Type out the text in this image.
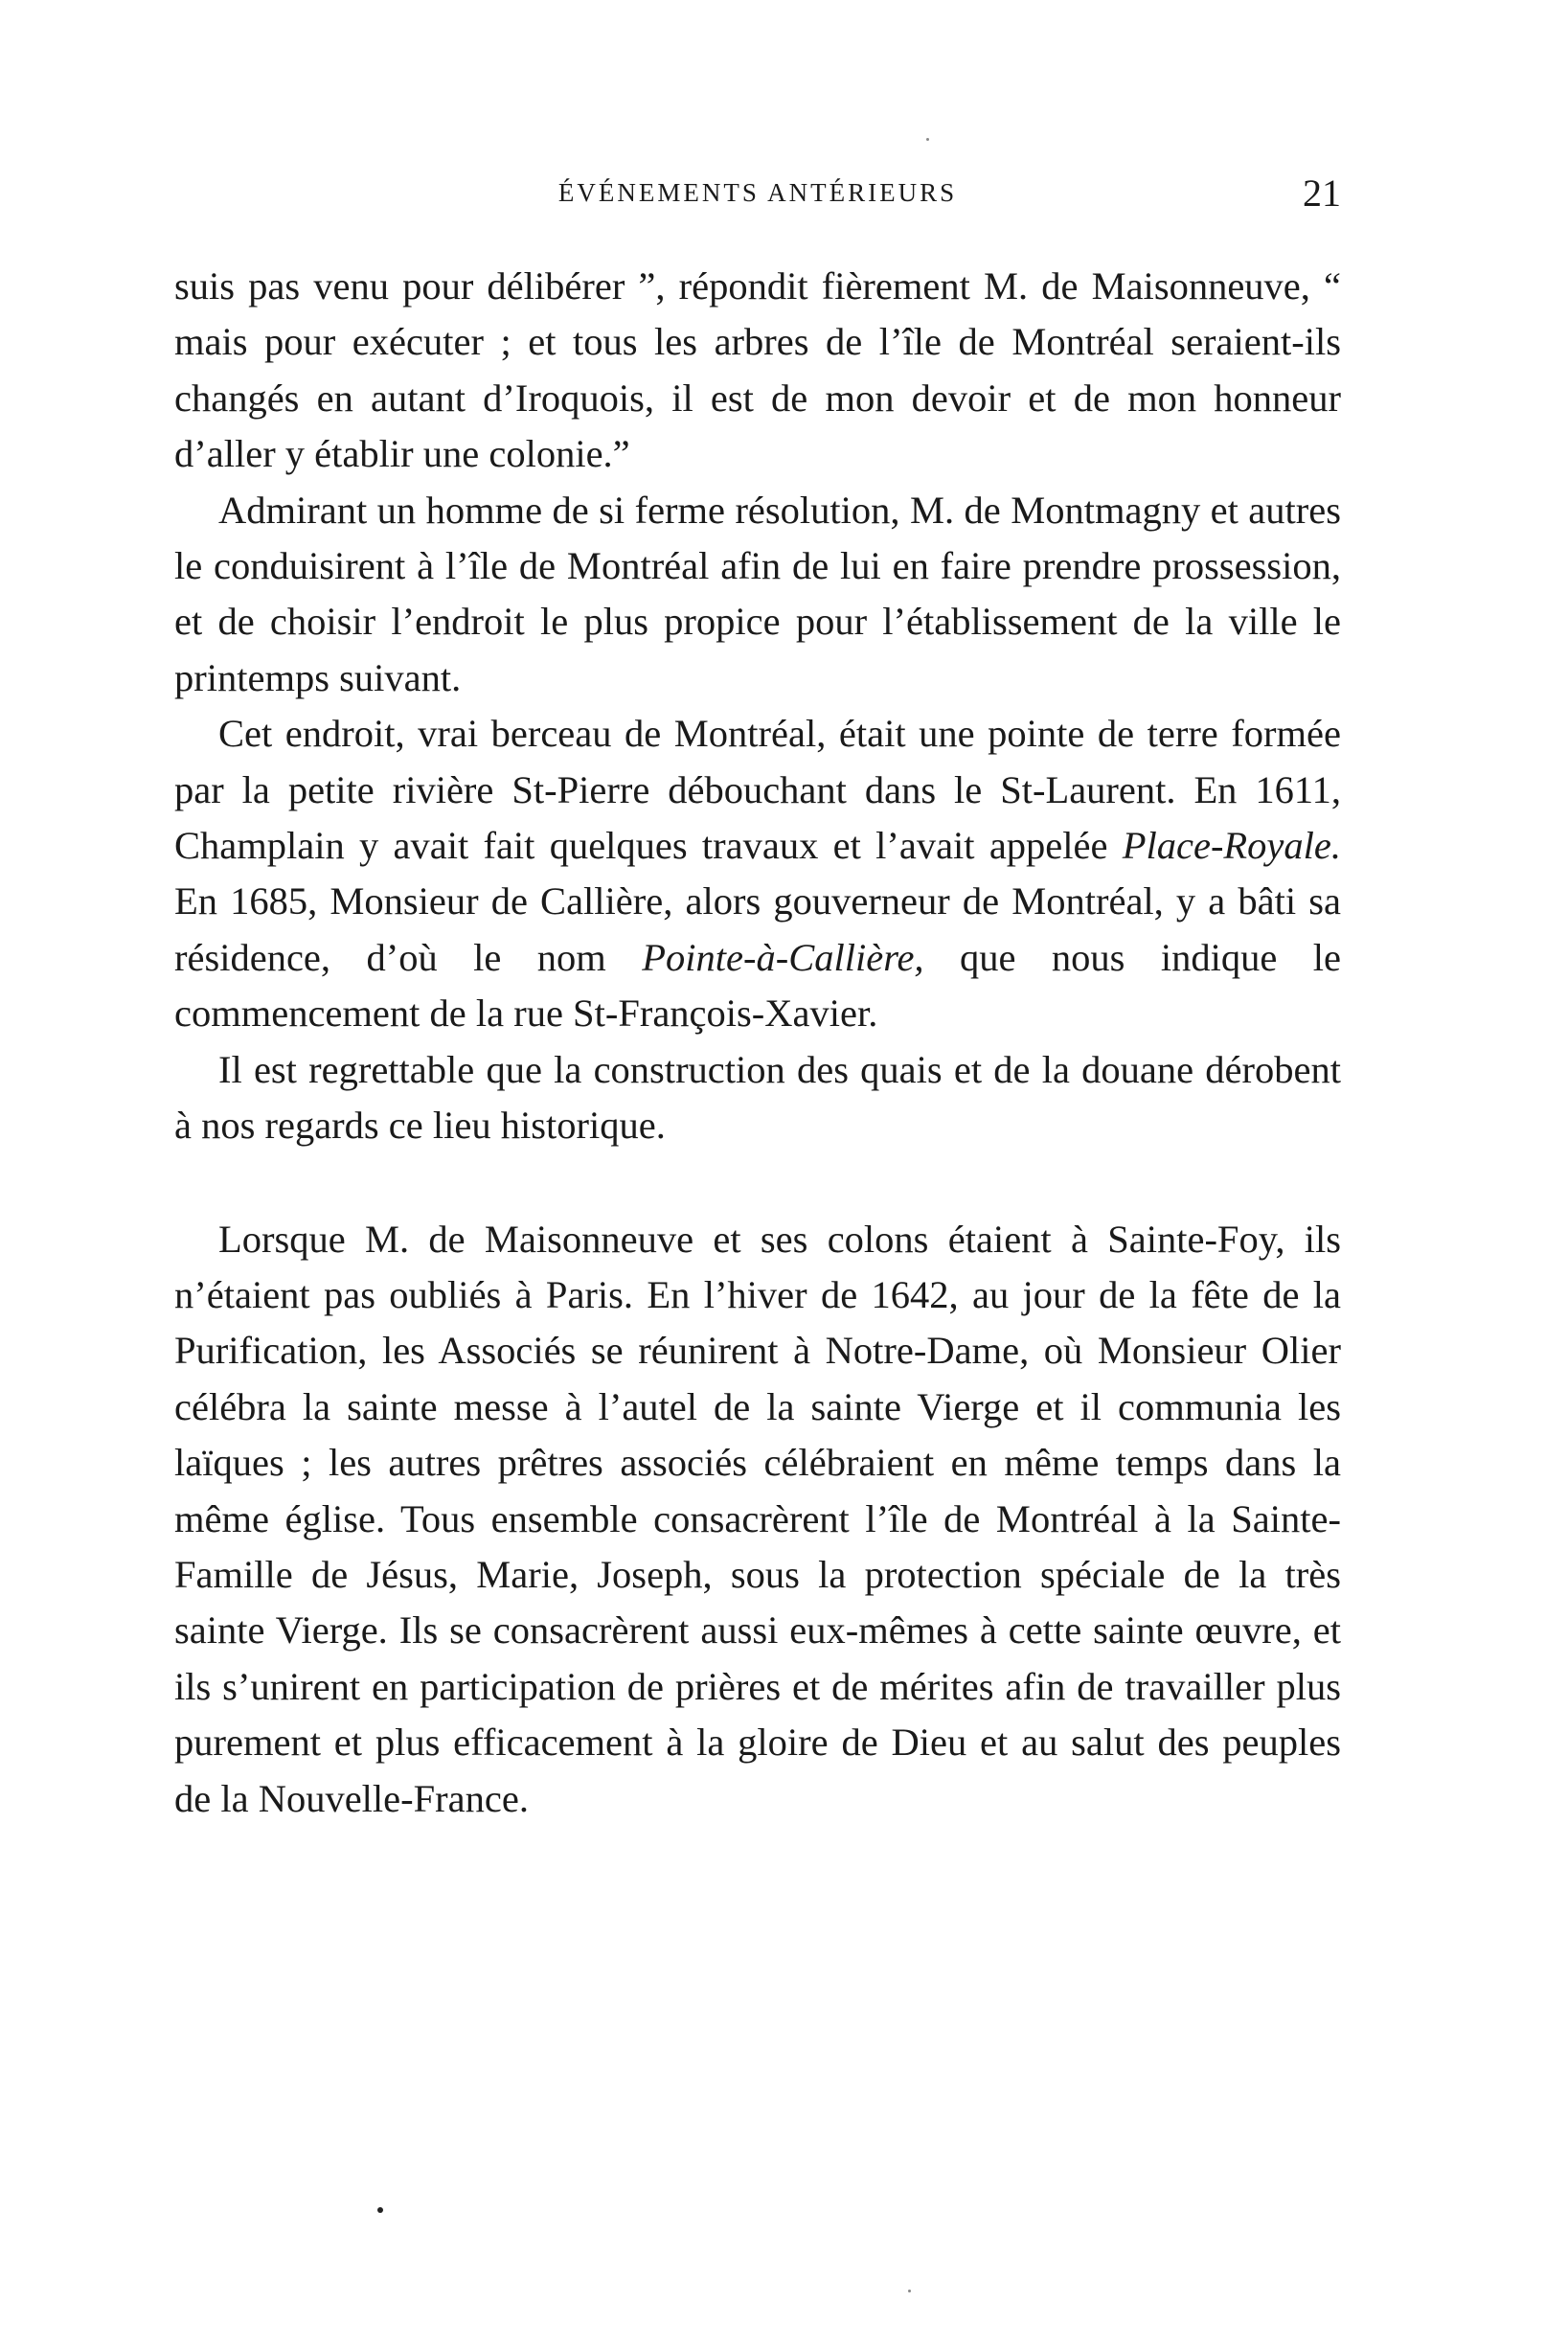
ÉVÉNEMENTS ANTÉRIEURS	21

suis pas venu pour délibérer ”, répondit fièrement M. de Maisonneuve, “ mais pour exécuter ; et tous les arbres de l’île de Montréal seraient-ils changés en autant d’Iroquois, il est de mon devoir et de mon honneur d’aller y établir une colonie.”

Admirant un homme de si ferme résolution, M. de Montmagny et autres le conduisirent à l’île de Montréal afin de lui en faire prendre prossession, et de choisir l’endroit le plus propice pour l’établissement de la ville le printemps suivant.

Cet endroit, vrai berceau de Montréal, était une pointe de terre formée par la petite rivière St-Pierre débouchant dans le St-Laurent. En 1611, Champlain y avait fait quelques travaux et l’avait appelée Place-Royale. En 1685, Monsieur de Callière, alors gouverneur de Montréal, y a bâti sa résidence, d’où le nom Pointe-à-Callière, que nous indique le commencement de la rue St-François-Xavier.

Il est regrettable que la construction des quais et de la douane dérobent à nos regards ce lieu historique.

Lorsque M. de Maisonneuve et ses colons étaient à Sainte-Foy, ils n’étaient pas oubliés à Paris. En l’hiver de 1642, au jour de la fête de la Purification, les Associés se réunirent à Notre-Dame, où Monsieur Olier célébra la sainte messe à l’autel de la sainte Vierge et il communia les laïques ; les autres prêtres associés célébraient en même temps dans la même église. Tous ensemble consacrèrent l’île de Montréal à la Sainte-Famille de Jésus, Marie, Joseph, sous la protection spéciale de la très sainte Vierge. Ils se consacrèrent aussi eux-mêmes à cette sainte œuvre, et ils s’unirent en participation de prières et de mérites afin de travailler plus purement et plus efficacement à la gloire de Dieu et au salut des peuples de la Nouvelle-France.
